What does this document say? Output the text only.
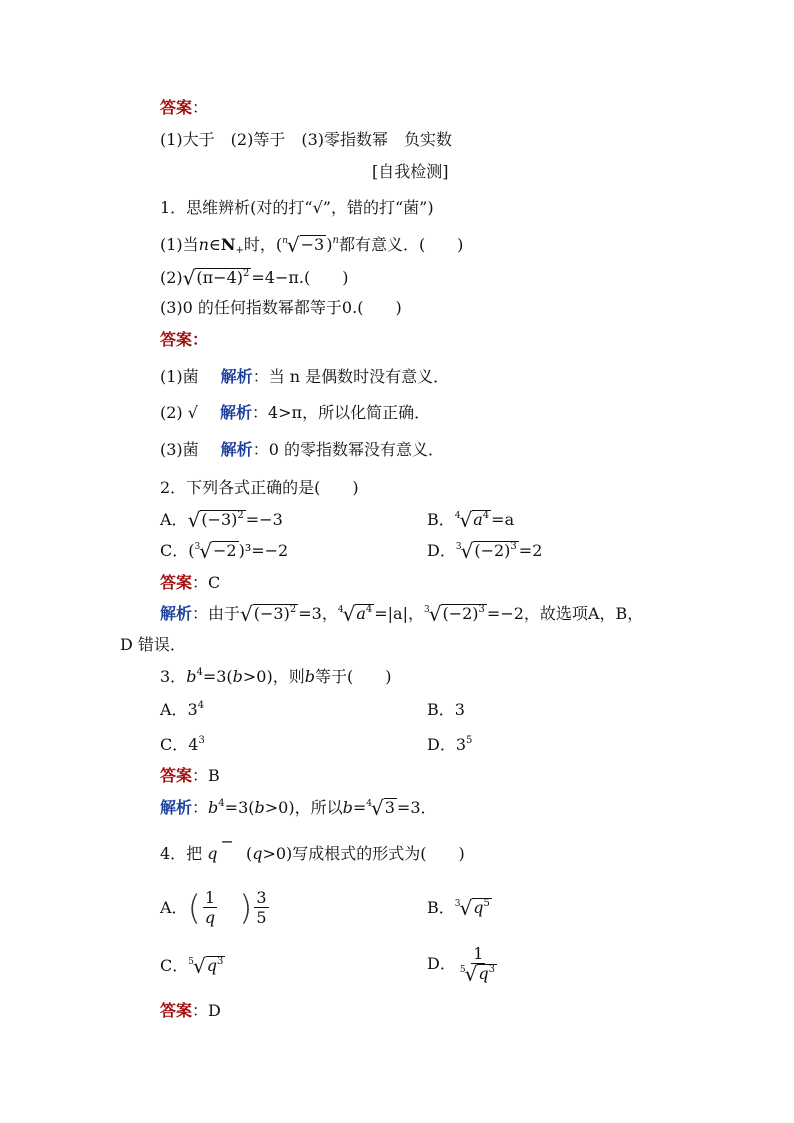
答案：
(1)大于　(2)等于　(3)零指数幂　负实数
[自我检测]
1．思维辨析(对的打“√”，错的打“菌”)
(1)当$n\in N_+$时，($^n$√−3 )$^n$都有意义．(　　)
$(2)√(\pi-4)^2 =4-\pi$.(　　)
(3)0 的任何指数幂都等于0.(　　)
答案：
(1)菌 解析：当 n 是偶数时没有意义．
(2) √ 解析：4>π，所以化简正确．
(3)菌 解析：0 的零指数幂没有意义．
2．下列各式正确的是(　　)
A．$√(-3)^2 =-3$	B．$^4√a^4 =a$
C．($^3$√−2 )³=−2	D．$^3√(-2)^3 =2$
答案：C
解析：由于$√(-3)^2 =3$，$^4√a^4 =|a|$，$^3√(-2)^3 =-2$，故选项A，B，
D 错误．
3．$b^4=3(b>0)$，则b等于(　　)
A．$3^4$	B．3
C．$4^3$	D．$3^5$
答案：B
解析：$b^4=3(b>0)$，所以b=$^4$√3 =3．
4．把 q−(q>0)写成根式的形式为(　　)
A．( $\frac{1}{q}$ ) $\frac{3}{5}$	B．$^3√q^5$
C．$^5√q^3$	D． $\frac{1}{^5√q^3}$
答案：D
